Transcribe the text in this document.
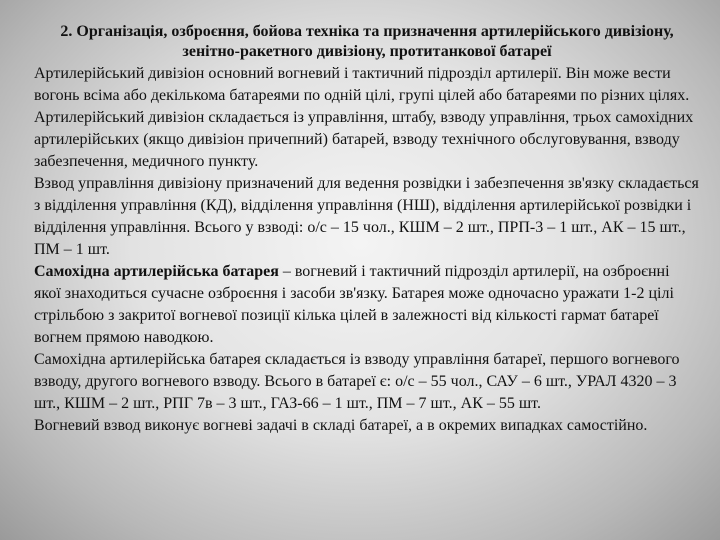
2. Організація, озброєння, бойова техніка та призначення артилерійського дивізіону, зенітно-ракетного дивізіону, протитанкової батареї

Артилерійський дивізіон основний вогневий і тактичний підрозділ артилерії. Він може вести вогонь всіма або декількома батареями по одній цілі, групі цілей або батареями по різних цілях.

Артилерійський дивізіон складається із управління, штабу, взводу управління, трьох самохідних артилерійських (якщо дивізіон причепний) батарей, взводу технічного обслуговування, взводу забезпечення, медичного пункту.

Взвод управління дивізіону призначений для ведення розвідки і забезпечення зв'язку складається з відділення управління (КД), відділення управління (НШ), відділення артилерійської розвідки і відділення управління. Всього у взводі: о/с – 15 чол., КШМ – 2 шт., ПРП-3 – 1 шт., АК – 15 шт., ПМ – 1 шт.

Самохідна артилерійська батарея – вогневий і тактичний підрозділ артилерії, на озброєнні якої знаходиться сучасне озброєння і засоби зв'язку. Батарея може одночасно уражати 1-2 цілі стрільбою з закритої вогневої позиції кілька цілей в залежності від кількості гармат батареї вогнем прямою наводкою.

Самохідна артилерійська батарея складається із взводу управління батареї, першого вогневого взводу, другого вогневого взводу. Всього в батареї є: о/с – 55 чол., САУ – 6 шт., УРАЛ 4320 – 3 шт., КШМ – 2 шт., РПГ 7в – 3 шт., ГАЗ-66 – 1 шт., ПМ – 7 шт., АК – 55 шт.

Вогневий взвод виконує вогневі задачі в складі батареї, а в окремих випадках самостійно.
